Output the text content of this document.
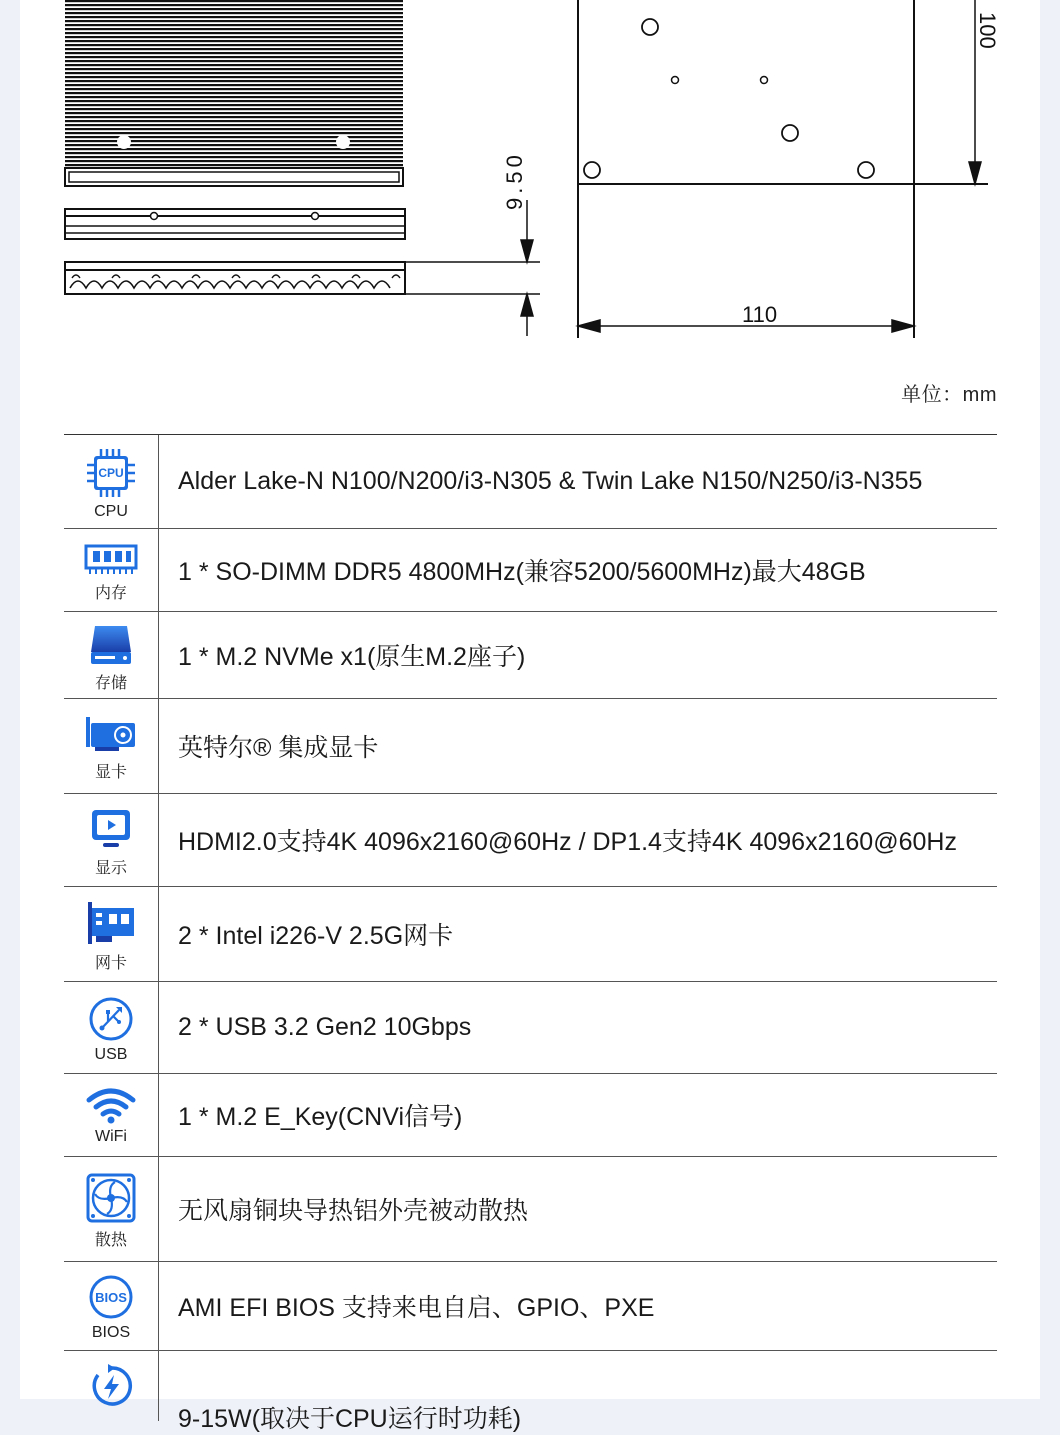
9.50
100
110
单位：mm
CPU
CPU
Alder Lake-N N100/N200/i3-N305 & Twin Lake N150/N250/i3-N355
内存
1 * SO-DIMM DDR5 4800MHz(兼容5200/5600MHz)最大48GB
存储
1 * M.2 NVMe x1(原生M.2座子)
显卡
英特尔® 集成显卡
显示
HDMI2.0支持4K 4096x2160@60Hz / DP1.4支持4K 4096x2160@60Hz
网卡
2 * Intel i226-V 2.5G网卡
USB
2 * USB 3.2 Gen2 10Gbps
WiFi
1 * M.2 E_Key(CNVi信号)
散热
无风扇铜块导热铝外壳被动散热
BIOS
BIOS
AMI EFI BIOS 支持来电自启、GPIO、PXE
9-15W(取决于CPU运行时功耗)
